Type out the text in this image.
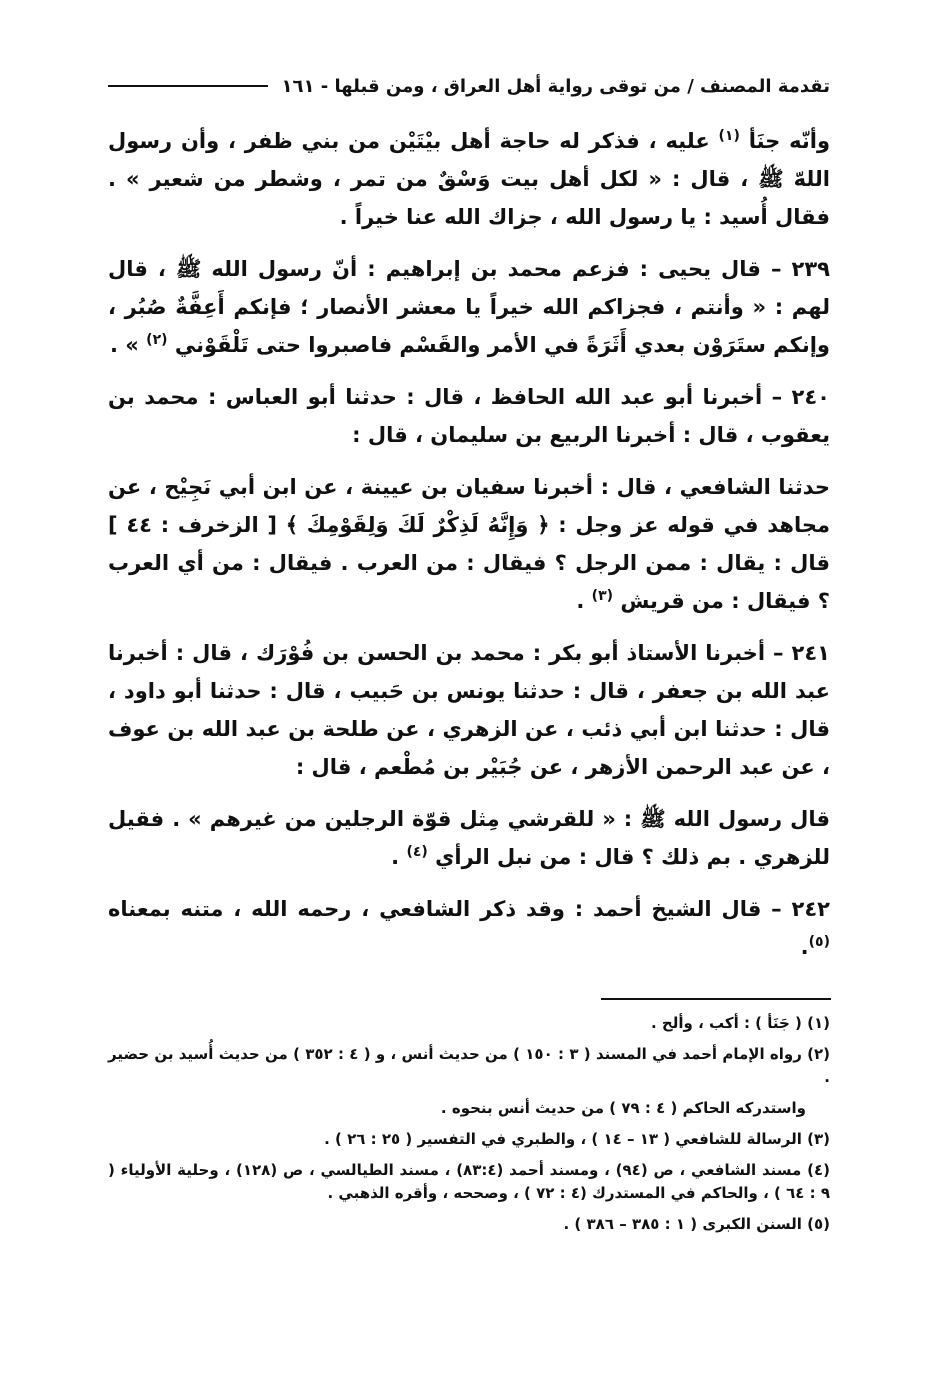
تقدمة المصنف / من توقى رواية أهل العراق ، ومن قبلها - ١٦١

وأنّه جنَأ $^{(١)}$ عليه ، فذكر له حاجة أهل بيْتَيْن من بني ظفر ، وأن رسول اللهّ ﷺ ، قال : « لكل أهل بيت وَسْقٌ من تمر ، وشطر من شعير » . فقال أُسيد : يا رسول الله ، جزاك الله عنا خيراً .

٢٣٩ – قال يحيى : فزعم محمد بن إبراهيم : أنّ رسول الله ﷺ ، قال لهم : « وأنتم ، فجزاكم الله خيراً يا معشر الأنصار ؛ فإنكم أَعِفَّةٌ صُبُر ، وإنكم ستَرَوْن بعدي أَثَرَةً في الأمر والقَسْم فاصبروا حتى تَلْقَوْني $^{(٢)}$ » .

٢٤٠ – أخبرنا أبو عبد الله الحافظ ، قال : حدثنا أبو العباس : محمد بن يعقوب ، قال : أخبرنا الربيع بن سليمان ، قال :

حدثنا الشافعي ، قال : أخبرنا سفيان بن عيينة ، عن ابن أبي نَجِيْح ، عن مجاهد في قوله عز وجل : ﴿ وَإِنَّهُ لَذِكْرٌ لَكَ وَلِقَوْمِكَ ﴾ [ الزخرف : ٤٤ ] قال : يقال : ممن الرجل ؟ فيقال : من العرب . فيقال : من أي العرب ؟ فيقال : من قريش $^{(٣)}$ .

٢٤١ – أخبرنا الأستاذ أبو بكر : محمد بن الحسن بن فُوْرَك ، قال : أخبرنا عبد الله بن جعفر ، قال : حدثنا يونس بن حَبيب ، قال : حدثنا أبو داود ، قال : حدثنا ابن أبي ذئب ، عن الزهري ، عن طلحة بن عبد الله بن عوف ، عن عبد الرحمن الأزهر ، عن جُبَيْر بن مُطْعم ، قال :

قال رسول الله ﷺ : « للقرشي مِثل قوّة الرجلين من غيرهم » . فقيل للزهري . بم ذلك ؟ قال : من نبل الرأي $^{(٤)}$ .

٢٤٢ – قال الشيخ أحمد : وقد ذكر الشافعي ، رحمه الله ، متنه بمعناه $^{(٥)}$.

(١) ( جَنَأ ) : أكب ، وألح .

(٢) رواه الإمام أحمد في المسند ( ٣ : ١٥٠ ) من حديث أنس ، و ( ٤ : ٣٥٢ ) من حديث أُسيد بن حضير .

واستدركه الحاكم ( ٤ : ٧٩ ) من حديث أنس بنحوه .

(٣) الرسالة للشافعي ( ١٣ – ١٤ ) ، والطبري في التفسير ( ٢٥ : ٢٦ ) .

(٤) مسند الشافعي ، ص (٩٤) ، ومسند أحمد (٨٣:٤) ، مسند الطيالسي ، ص (١٢٨) ، وحلية الأولياء ( ٩ : ٦٤ ) ، والحاكم في المستدرك (٤ : ٧٢ ) ، وصححه ، وأقره الذهبي .

(٥) السنن الكبرى ( ١ : ٣٨٥ – ٣٨٦ ) .
